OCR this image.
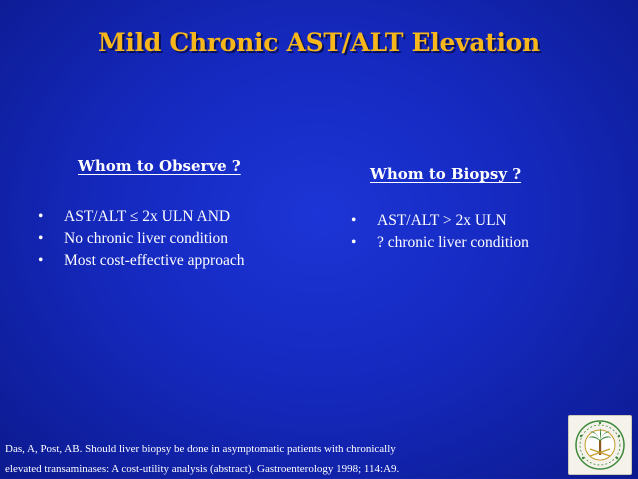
Mild Chronic AST/ALT Elevation
Whom to Observe ?
• AST/ALT ≤ 2x ULN AND
• No chronic liver condition
• Most cost-effective approach
Whom to Biopsy ?
• AST/ALT > 2x ULN
• ? chronic liver condition
Das, A, Post, AB. Should liver biopsy be done in asymptomatic patients with chronically
elevated transaminases: A cost-utility analysis (abstract). Gastroenterology 1998; 114:A9.
